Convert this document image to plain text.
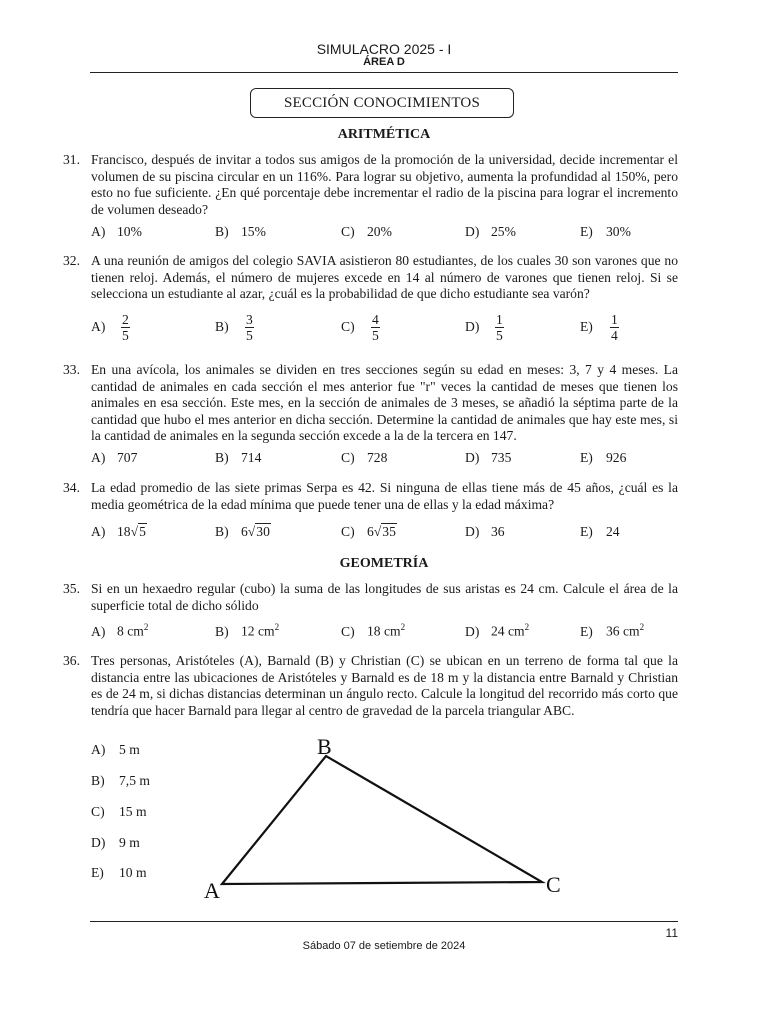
SIMULACRO 2025 - I
ÁREA D
SECCIÓN CONOCIMIENTOS
ARITMÉTICA
31. Francisco, después de invitar a todos sus amigos de la promoción de la universidad, decide incrementar el volumen de su piscina circular en un 116%. Para lograr su objetivo, aumenta la profundidad al 150%, pero esto no fue suficiente. ¿En qué porcentaje debe incrementar el radio de la piscina para lograr el incremento de volumen deseado?
A) 10%	B) 15%	C) 20%	D) 25%	E) 30%
32. A una reunión de amigos del colegio SAVIA asistieron 80 estudiantes, de los cuales 30 son varones que no tienen reloj. Además, el número de mujeres excede en 14 al número de varones que tienen reloj. Si se selecciona un estudiante al azar, ¿cuál es la probabilidad de que dicho estudiante sea varón?
$A) \frac{2}{5}$	$B) \frac{3}{5}$	$C) \frac{4}{5}$	$D) \frac{1}{5}$	$E) \frac{1}{4}$
33. En una avícola, los animales se dividen en tres secciones según su edad en meses: 3, 7 y 4 meses. La cantidad de animales en cada sección el mes anterior fue "r" veces la cantidad de meses que tienen los animales en esa sección. Este mes, en la sección de animales de 3 meses, se añadió la séptima parte de la cantidad que hubo el mes anterior en dicha sección. Determine la cantidad de animales que hay este mes, si la cantidad de animales en la segunda sección excede a la de la tercera en 147.
A) 707	B) 714	C) 728	D) 735	E) 926
34. La edad promedio de las siete primas Serpa es 42. Si ninguna de ellas tiene más de 45 años, ¿cuál es la media geométrica de la edad mínima que puede tener una de ellas y la edad máxima?
A) 18√5	B) 6√30	C) 6√35	D) 36	E) 24
GEOMETRÍA
35. Si en un hexaedro regular (cubo) la suma de las longitudes de sus aristas es 24 cm. Calcule el área de la superficie total de dicho sólido
A) 8 $cm^2$	B) 12 $cm^2$	C) 18 $cm^2$	D) 24 $cm^2$	E) 36 $cm^2$
36. Tres personas, Aristóteles (A), Barnald (B) y Christian (C) se ubican en un terreno de forma tal que la distancia entre las ubicaciones de Aristóteles y Barnald es de 18 m y la distancia entre Barnald y Christian es de 24 m, si dichas distancias determinan un ángulo recto. Calcule la longitud del recorrido más corto que tendría que hacer Barnald para llegar al centro de gravedad de la parcela triangular ABC.
A) 5 m
B) 7,5 m
C) 15 m
D) 9 m
E) 10 m
A
B
C
11
Sábado 07 de setiembre de 2024
